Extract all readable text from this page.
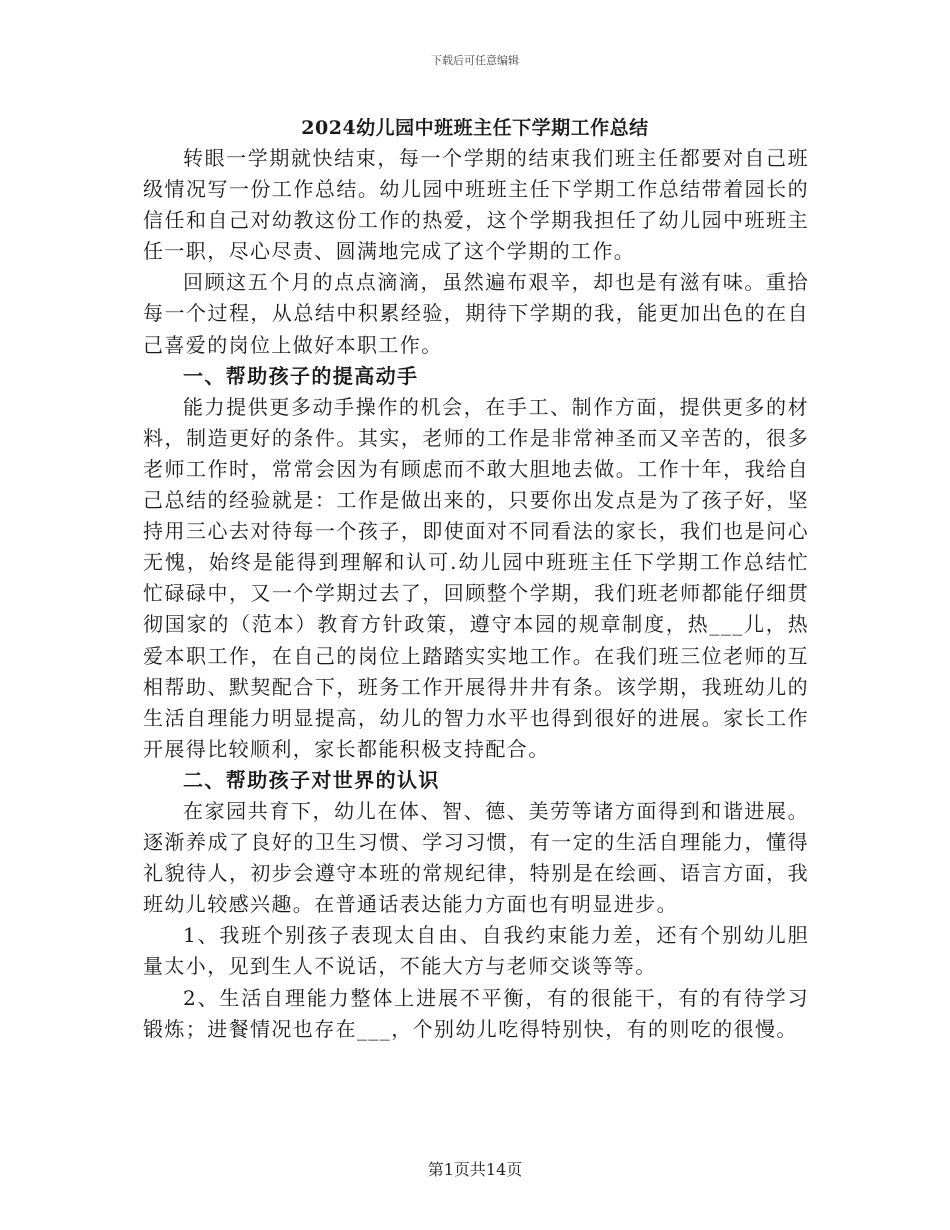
下载后可任意编辑
2024幼儿园中班班主任下学期工作总结

转眼一学期就快结束，每一个学期的结束我们班主任都要对自己班级情况写一份工作总结。幼儿园中班班主任下学期工作总结带着园长的信任和自己对幼教这份工作的热爱，这个学期我担任了幼儿园中班班主任一职，尽心尽责、圆满地完成了这个学期的工作。

回顾这五个月的点点滴滴，虽然遍布艰辛，却也是有滋有味。重拾每一个过程，从总结中积累经验，期待下学期的我，能更加出色的在自己喜爱的岗位上做好本职工作。

一、帮助孩子的提高动手

能力提供更多动手操作的机会，在手工、制作方面，提供更多的材料，制造更好的条件。其实，老师的工作是非常神圣而又辛苦的，很多老师工作时，常常会因为有顾虑而不敢大胆地去做。工作十年，我给自己总结的经验就是：工作是做出来的，只要你出发点是为了孩子好，坚持用三心去对待每一个孩子，即使面对不同看法的家长，我们也是问心无愧，始终是能得到理解和认可.幼儿园中班班主任下学期工作总结忙忙碌碌中，又一个学期过去了，回顾整个学期，我们班老师都能仔细贯彻国家的（范本）教育方针政策，遵守本园的规章制度，热___儿，热爱本职工作，在自己的岗位上踏踏实实地工作。在我们班三位老师的互相帮助、默契配合下，班务工作开展得井井有条。该学期，我班幼儿的生活自理能力明显提高，幼儿的智力水平也得到很好的进展。家长工作开展得比较顺利，家长都能积极支持配合。

二、帮助孩子对世界的认识

在家园共育下，幼儿在体、智、德、美劳等诸方面得到和谐进展。逐渐养成了良好的卫生习惯、学习习惯，有一定的生活自理能力，懂得礼貌待人，初步会遵守本班的常规纪律，特别是在绘画、语言方面，我班幼儿较感兴趣。在普通话表达能力方面也有明显进步。

1、我班个别孩子表现太自由、自我约束能力差，还有个别幼儿胆量太小，见到生人不说话，不能大方与老师交谈等等。

2、生活自理能力整体上进展不平衡，有的很能干，有的有待学习锻炼；进餐情况也存在___，个别幼儿吃得特别快，有的则吃的很慢。

第1页共14页
